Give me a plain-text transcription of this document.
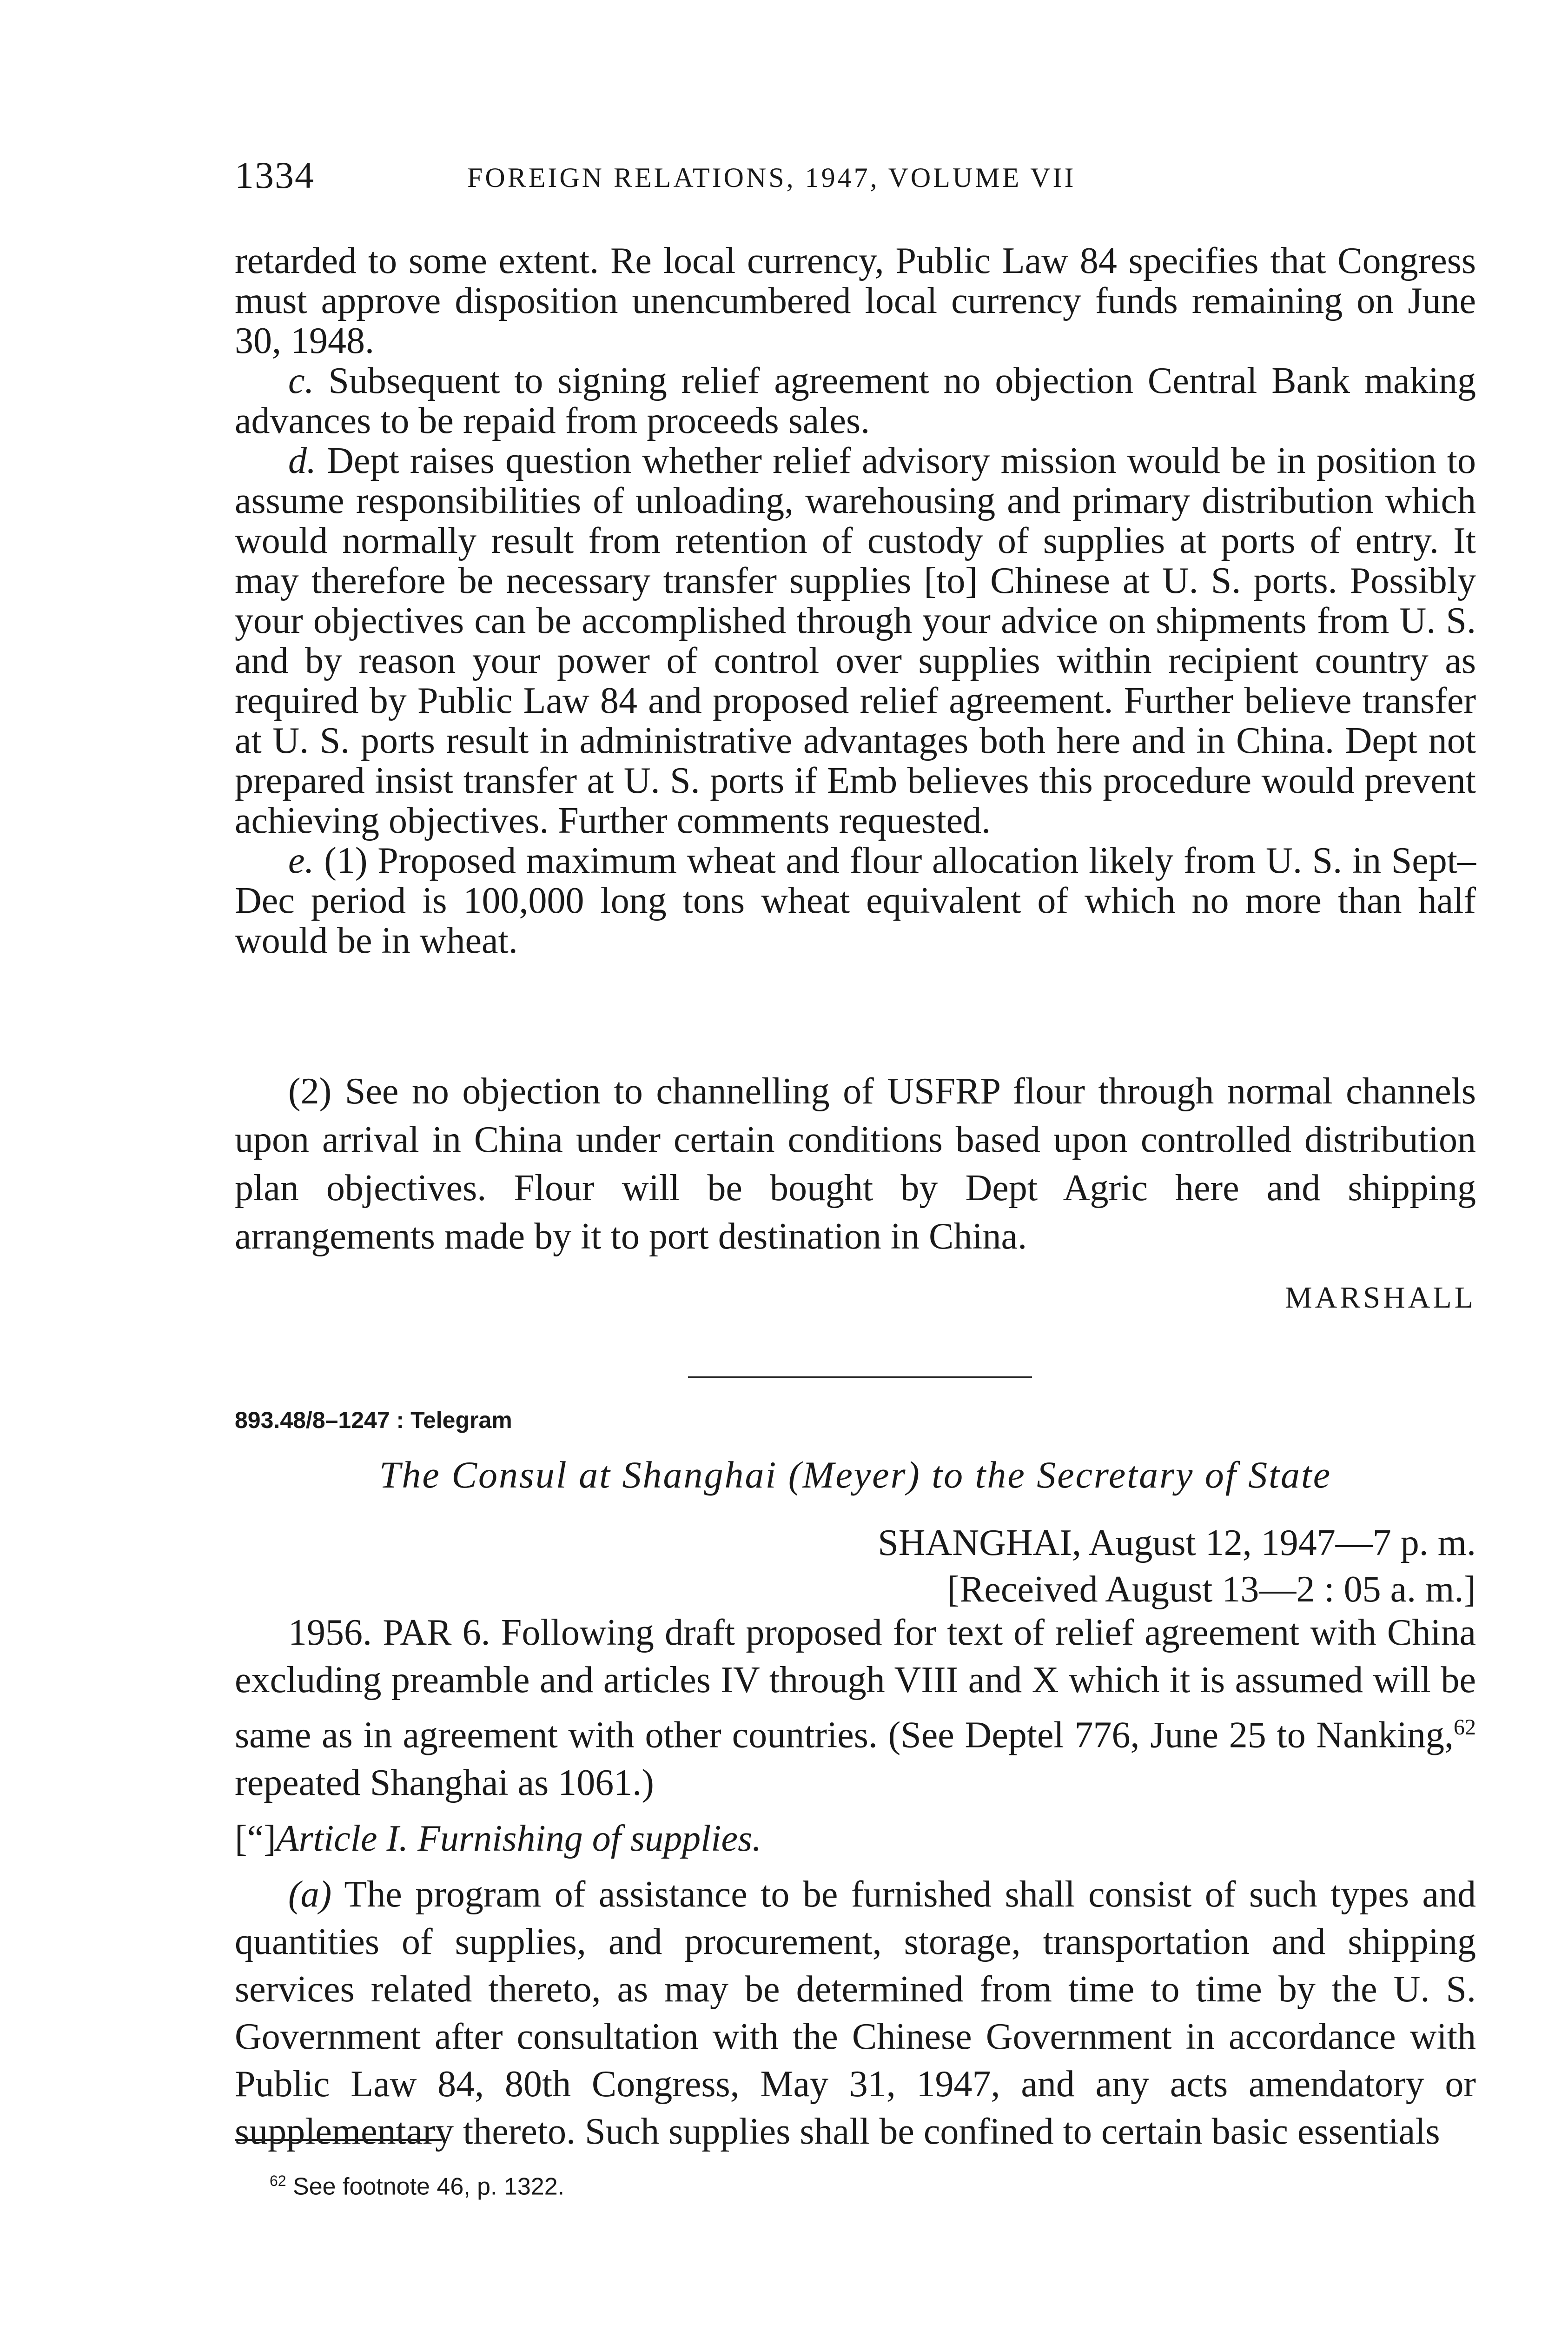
1334	FOREIGN RELATIONS, 1947, VOLUME VII

retarded to some extent. Re local currency, Public Law 84 specifies that Congress must approve disposition unencumbered local currency funds remaining on June 30, 1948.

c. Subsequent to signing relief agreement no objection Central Bank making advances to be repaid from proceeds sales.

d. Dept raises question whether relief advisory mission would be in position to assume responsibilities of unloading, warehousing and primary distribution which would normally result from retention of custody of supplies at ports of entry. It may therefore be necessary transfer supplies [to] Chinese at U. S. ports. Possibly your objectives can be accomplished through your advice on shipments from U. S. and by reason your power of control over supplies within recipient country as required by Public Law 84 and proposed relief agreement. Further believe transfer at U. S. ports result in administrative advantages both here and in China. Dept not prepared insist transfer at U. S. ports if Emb believes this procedure would prevent achieving objectives. Further comments requested.

e. (1) Proposed maximum wheat and flour allocation likely from U. S. in Sept–Dec period is 100,000 long tons wheat equivalent of which no more than half would be in wheat.

(2) See no objection to channelling of USFRP flour through normal channels upon arrival in China under certain conditions based upon controlled distribution plan objectives. Flour will be bought by Dept Agric here and shipping arrangements made by it to port destination in China.

MARSHALL

893.48/8–1247 : Telegram
The Consul at Shanghai (Meyer) to the Secretary of State
SHANGHAI, August 12, 1947—7 p. m.
[Received August 13—2 : 05 a. m.]

1956. PAR 6. Following draft proposed for text of relief agreement with China excluding preamble and articles IV through VIII and X which it is assumed will be same as in agreement with other countries. (See Deptel 776, June 25 to Nanking,$^{62}$ repeated Shanghai as 1061.)

[“]Article I. Furnishing of supplies.

(a) The program of assistance to be furnished shall consist of such types and quantities of supplies, and procurement, storage, transportation and shipping services related thereto, as may be determined from time to time by the U. S. Government after consultation with the Chinese Government in accordance with Public Law 84, 80th Congress, May 31, 1947, and any acts amendatory or supplementary thereto. Such supplies shall be confined to certain basic essentials

$^{62}$ See footnote 46, p. 1322.
